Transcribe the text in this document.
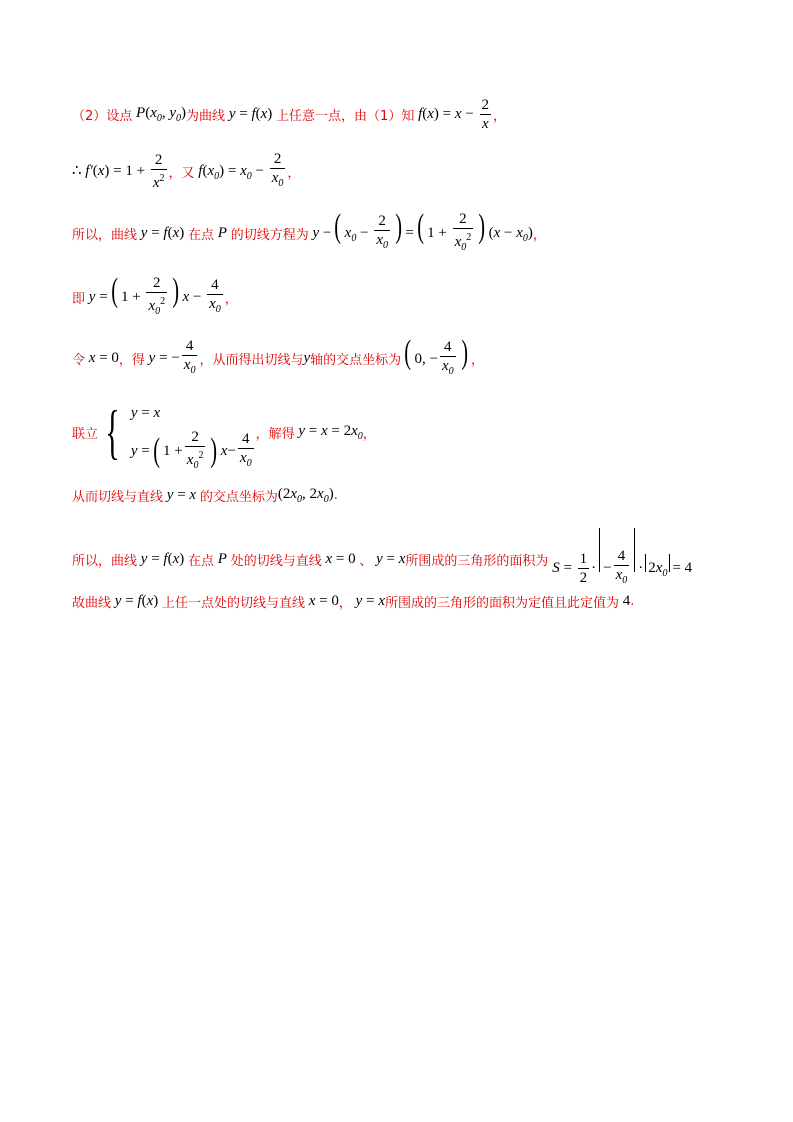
（2）设点 $P(x_0$, $y_0$) 为曲线 y = f(x) 上任意一点，由（1）知 $f(x) = x - \frac{2}{x}$ ，
∴ $f'(x) = 1 + \frac{2}{x^2}$ ，又 $f(x_0) = x_0 - \frac{2}{x_0}$ ，
所以，曲线 y = f(x) 在点 P 的切线方程为 y −( $x_0 - \frac{2}{x_0}$ ) =( $1 + \frac{2}{x_0^2}$ ) $(x - x_0)$ ，
即 y =( $1 + \frac{2}{x_0^2}$ ) $x - \frac{4}{x_0}$ ，
令 x = 0 ，得 y = − $\frac{4}{x_0}$ ，从而得出切线与 y 轴的交点坐标为 ( 0, − $\frac{4}{x_0}$ ) ，
联立 { y = x
y = ( $1 + \frac{2}{x_0^2}$ ) $x - \frac{4}{x_0}$ ，解得 $y = x = 2x_0$ ，
从而切线与直线 y = x 的交点坐标为 ($2x_0$, $2x_0$) .
所以，曲线 y = f(x) 在点 P 处的切线与直线 x = 0 、 y = x 所围成的三角形的面积为 $S = \frac{1}{2}$ · − $\frac{4}{x_0} \cdot 2x_0 = 4$
故曲线 y = f(x) 上任一点处的切线与直线 x = 0 ， y = x 所围成的三角形的面积为定值且此定值为 4 .
